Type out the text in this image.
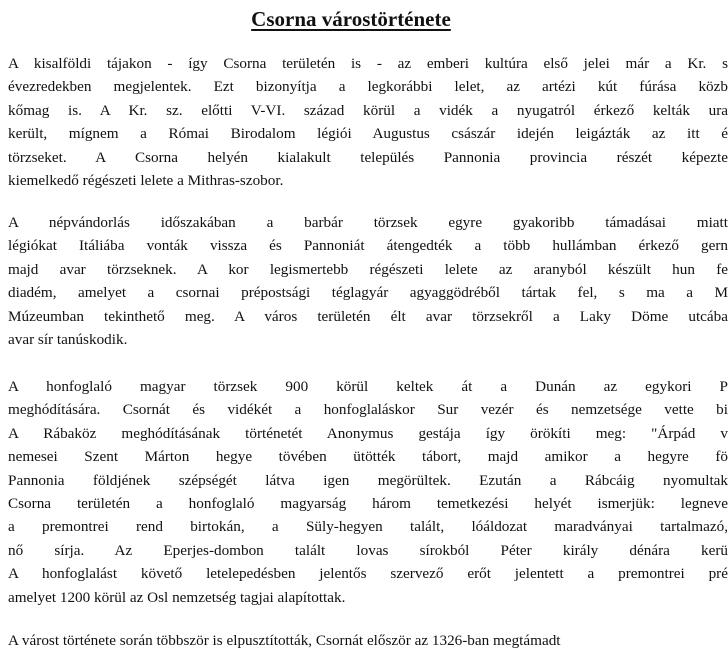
Csorna várostörténete
A kisalföldi tájakon - így Csorna területén is - az emberi kultúra első jelei már a Kr. s
évezredekben megjelentek. Ezt bizonyítja a legkorábbi lelet, az artézi kút fúrása közb
kőmag is. A Kr. sz. előtti V-VI. század körül a vidék a nyugatról érkező kelták ura
került, mígnem a Római Birodalom légiói Augustus császár idején leigázták az itt é
törzseket. A Csorna helyén kialakult település Pannonia provincia részét képezte
kiemelkedő régészeti lelete a Mithras-szobor.
A népvándorlás időszakában a barbár törzsek egyre gyakoribb támadásai miatt
légiókat Itáliába vonták vissza és Pannoniát átengedték a több hullámban érkező gern
majd avar törzseknek. A kor legismertebb régészeti lelete az aranyból készült hun fe
diadém, amelyet a csornai prépostsági téglagyár agyaggödréből tártak fel, s ma a M
Múzeumban tekinthető meg. A város területén élt avar törzsekről a Laky Döme utcába
avar sír tanúskodik.
A honfoglaló magyar törzsek 900 körül keltek át a Dunán az egykori P
meghódítására. Csornát és vidékét a honfoglaláskor Sur vezér és nemzetsége vette bi
A Rábaköz meghódításának történetét Anonymus gestája így örökíti meg: "Árpád v
nemesei Szent Márton hegye tövében ütötték tábort, majd amikor a hegyre fö
Pannonia földjének szépségét látva igen megörültek. Ezután a Rábcáig nyomultak
Csorna területén a honfoglaló magyarság három temetkezési helyét ismerjük: legneve
a premontrei rend birtokán, a Süly-hegyen talált, lóáldozat maradványai tartalmazó,
nő sírja. Az Eperjes-dombon talált lovas sírokból Péter király dénára kerü
A honfoglalást követő letelepedésben jelentős szervező erőt jelentett a premontrei pré
amelyet 1200 körül az Osl nemzetség tagjai alapítottak.
A várost története során többször is elpusztították, Csornát először az 1326-ban megtámadt
